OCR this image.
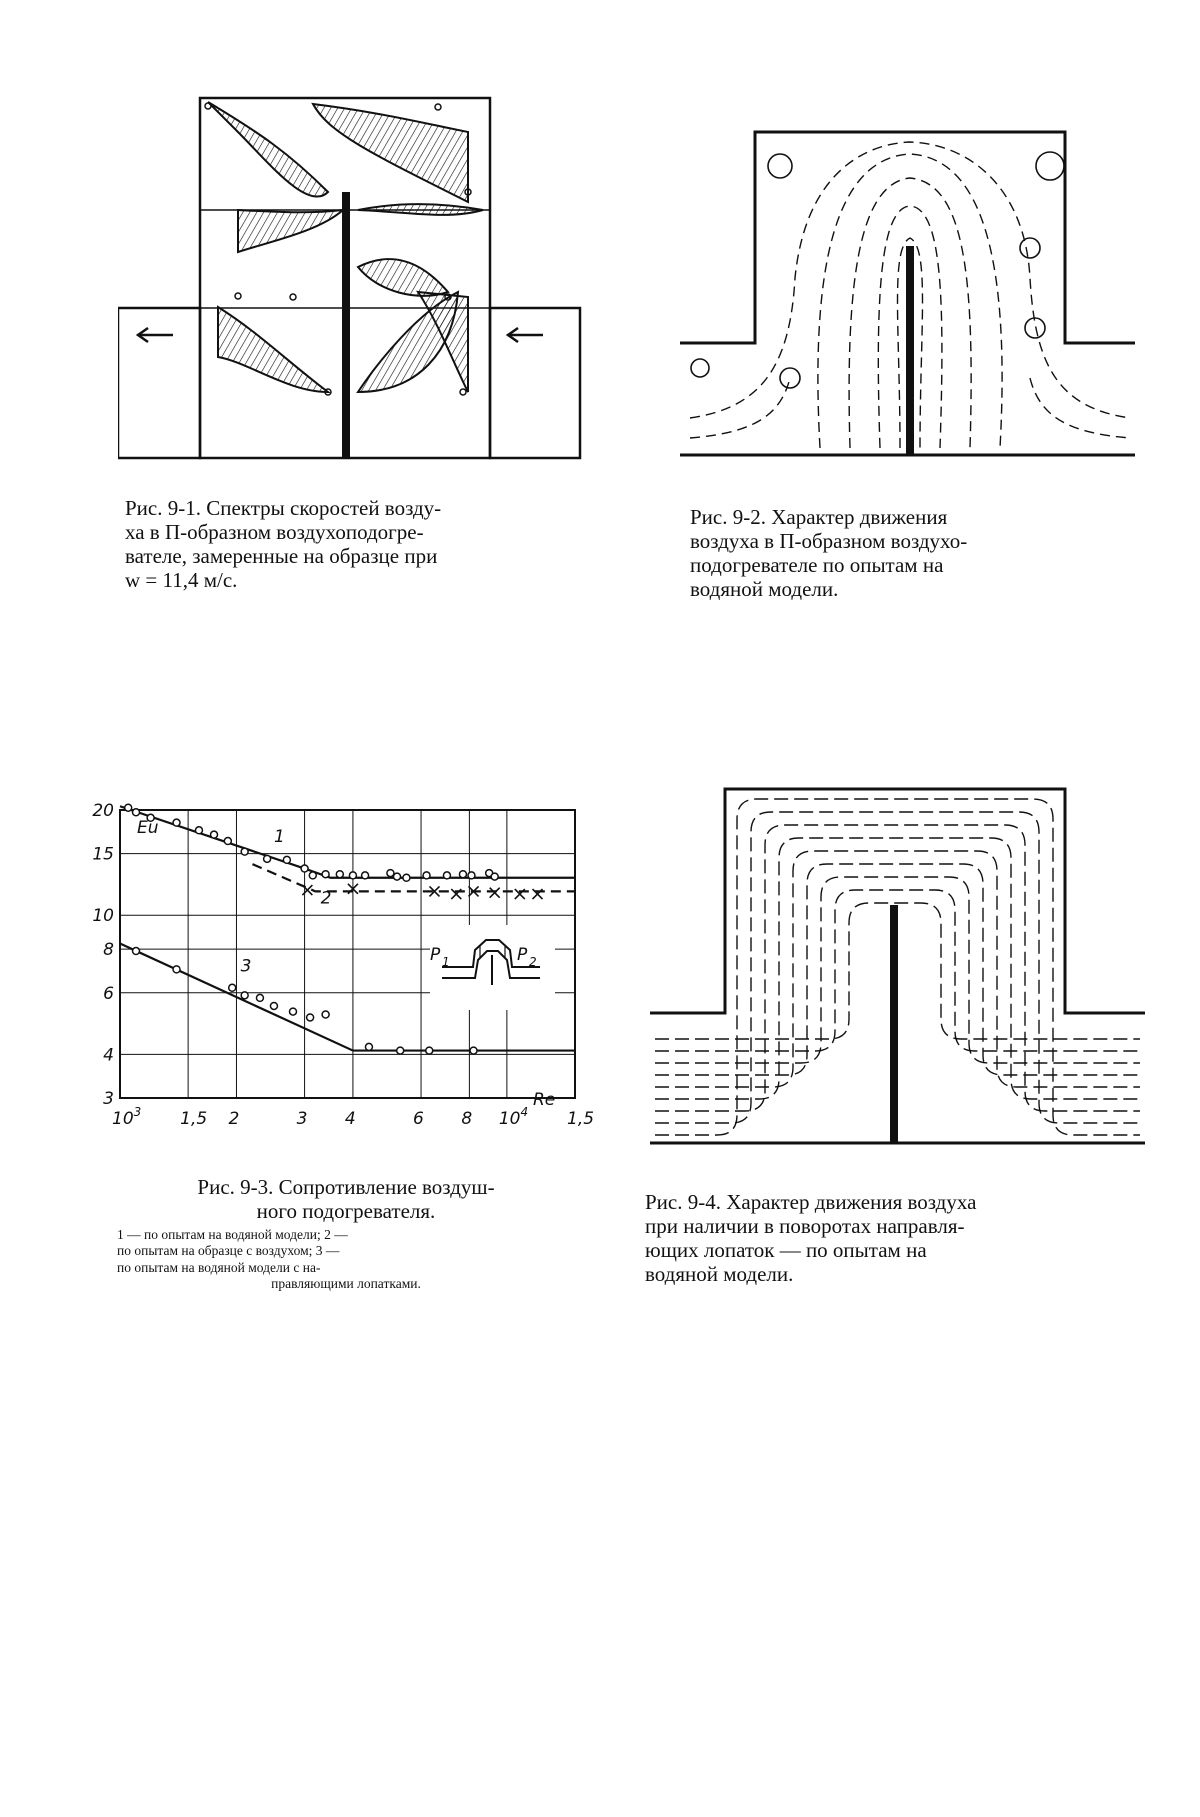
Рис. 9-1. Спектры скоростей возду-

ха в П-образном воздухоподогре-

вателе, замеренные на образце при

w = 11,4 м/с.

Рис. 9-2. Характер движения

воздуха в П-образном воздухо-

подогревателе по опытам на

водяной модели.

1
2
3
$10^3$ 1,5 2	3 4	6 8 $10^4$ 1,5
3
4
6
8
10
15
20
Eu
Re
P 1	P 2

Рис. 9-3. Сопротивление воздуш-

ного подогревателя.

1 — по опытам на водяной модели; 2 —

по опытам на образце с воздухом; 3 —

по опытам на водяной модели с на-

правляющими лопатками.

Рис. 9-4. Характер движения воздуха

при наличии в поворотах направля-

ющих лопаток — по опытам на

водяной модели.
